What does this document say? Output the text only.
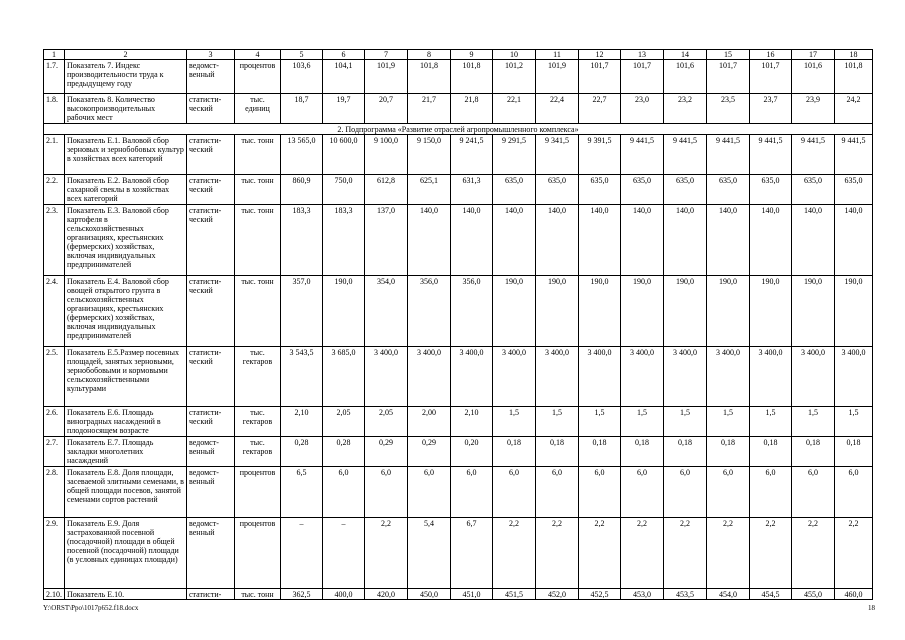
1	2	3	4	5	6	7	8	9	10	11	12	13	14	15	16	17	18
1.7.	Показатель 7. Индекс производительности труда к предыдущему году	ведомст-венный	процентов	103,6	104,1	101,9	101,8	101,8	101,2	101,9	101,7	101,7	101,6	101,7	101,7	101,6	101,8
1.8.	Показатель 8. Количество высокопроизводительных рабочих мест	статисти-ческий	тыс. единиц	18,7	19,7	20,7	21,7	21,8	22,1	22,4	22,7	23,0	23,2	23,5	23,7	23,9	24,2
2. Подпрограмма «Развитие отраслей агропромышленного комплекса»																	
2.1.	Показатель Е.1. Валовой сбор зерновых и зернобобовых культур в хозяйствах всех категорий	статисти-ческий	тыс. тонн	13 565,0	10 600,0	9 100,0	9 150,0	9 241,5	9 291,5	9 341,5	9 391,5	9 441,5	9 441,5	9 441,5	9 441,5	9 441,5	9 441,5
2.2.	Показатель Е.2. Валовой сбор сахарной свеклы в хозяйствах всех категорий	статисти-ческий	тыс. тонн	860,9	750,0	612,8	625,1	631,3	635,0	635,0	635,0	635,0	635,0	635,0	635,0	635,0	635,0
2.3.	Показатель Е.3. Валовой сбор картофеля в сельскохозяйственных организациях, крестьянских (фермерских) хозяйствах, включая индивидуальных предпринимателей	статисти-ческий	тыс. тонн	183,3	183,3	137,0	140,0	140,0	140,0	140,0	140,0	140,0	140,0	140,0	140,0	140,0	140,0
2.4.	Показатель Е.4. Валовой сбор овощей открытого грунта в сельскохозяйственных организациях, крестьянских (фермерских) хозяйствах, включая индивидуальных предпринимателей	статисти-ческий	тыс. тонн	357,0	190,0	354,0	356,0	356,0	190,0	190,0	190,0	190,0	190,0	190,0	190,0	190,0	190,0
2.5.	Показатель Е.5.Размер посевных площадей, занятых зерновыми, зернобобовыми и кормовыми сельскохозяйственными культурами	статисти-ческий	тыс. гектаров	3 543,5	3 685,0	3 400,0	3 400,0	3 400,0	3 400,0	3 400,0	3 400,0	3 400,0	3 400,0	3 400,0	3 400,0	3 400,0	3 400,0
2.6.	Показатель Е.6. Площадь виноградных насаждений в плодоносящем возрасте	статисти-ческий	тыс. гектаров	2,10	2,05	2,05	2,00	2,10	1,5	1,5	1,5	1,5	1,5	1,5	1,5	1,5	1,5
2.7.	Показатель Е.7. Площадь закладки многолетних насаждений	ведомст-венный	тыс. гектаров	0,28	0,28	0,29	0,29	0,20	0,18	0,18	0,18	0,18	0,18	0,18	0,18	0,18	0,18
2.8.	Показатель Е.8. Доля площади, засеваемой элитными семенами, в общей площади посевов, занятой семенами сортов растений	ведомст-венный	процентов	6,5	6,0	6,0	6,0	6,0	6,0	6,0	6,0	6,0	6,0	6,0	6,0	6,0	6,0
2.9.	Показатель Е.9. Доля застрахованной посевной (посадочной) площади в общей посевной (посадочной) площади (в условных единицах площади)	ведомст-венный	процентов	–	–	2,2	5,4	6,7	2,2	2,2	2,2	2,2	2,2	2,2	2,2	2,2	2,2
2.10.	Показатель Е.10.	статисти-	тыс. тонн	362,5	400,0	420,0	450,0	451,0	451,5	452,0	452,5	453,0	453,5	454,0	454,5	455,0	460,0
Y:\ORST\Ppo\1017p652.f18.docx	18
